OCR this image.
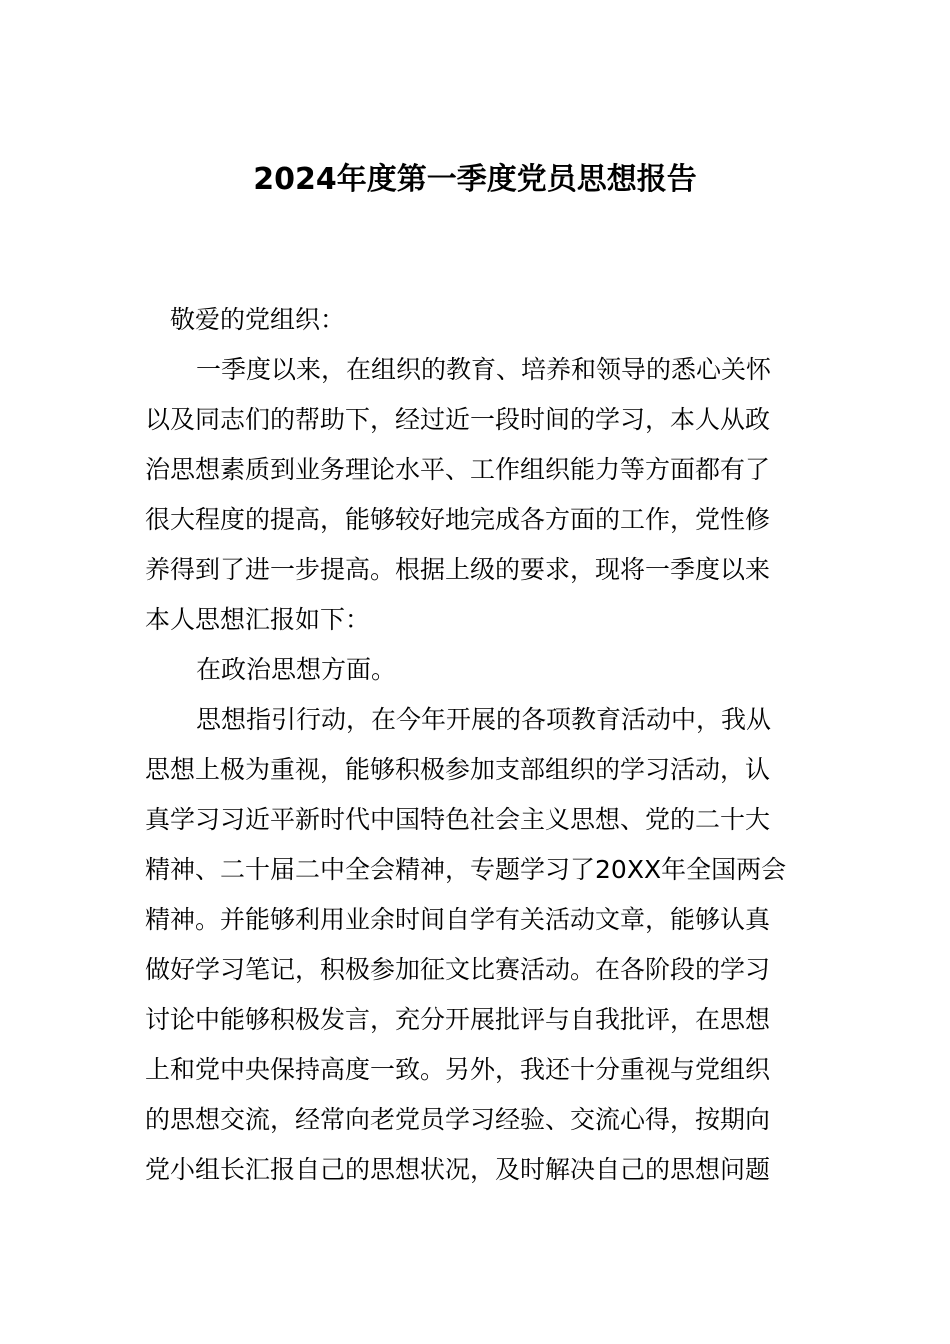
2024年度第一季度党员思想报告
敬爱的党组织：
一季度以来，在组织的教育、培养和领导的悉心关怀
以及同志们的帮助下，经过近一段时间的学习，本人从政
治思想素质到业务理论水平、工作组织能力等方面都有了
很大程度的提高，能够较好地完成各方面的工作，党性修
养得到了进一步提高。根据上级的要求，现将一季度以来
本人思想汇报如下：
在政治思想方面。
思想指引行动，在今年开展的各项教育活动中，我从
思想上极为重视，能够积极参加支部组织的学习活动，认
真学习习近平新时代中国特色社会主义思想、党的二十大
精神、二十届二中全会精神，专题学习了20XX年全国两会
精神。并能够利用业余时间自学有关活动文章，能够认真
做好学习笔记，积极参加征文比赛活动。在各阶段的学习
讨论中能够积极发言，充分开展批评与自我批评，在思想
上和党中央保持高度一致。另外，我还十分重视与党组织
的思想交流，经常向老党员学习经验、交流心得，按期向
党小组长汇报自己的思想状况，及时解决自己的思想问题
